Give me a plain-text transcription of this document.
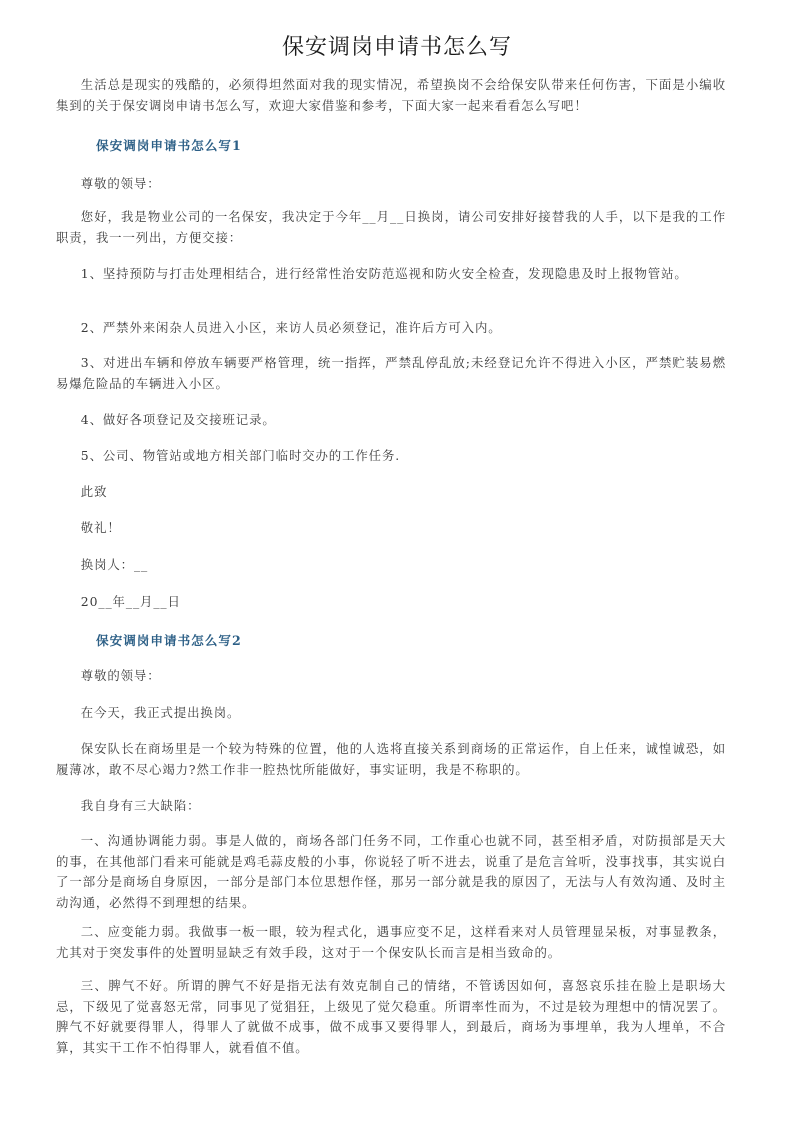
保安调岗申请书怎么写

生活总是现实的残酷的，必须得坦然面对我的现实情况，希望换岗不会给保安队带来任何伤害，下面是小编收集到的关于保安调岗申请书怎么写，欢迎大家借鉴和参考，下面大家一起来看看怎么写吧！

保安调岗申请书怎么写1

尊敬的领导：

您好，我是物业公司的一名保安，我决定于今年__月__日换岗，请公司安排好接替我的人手，以下是我的工作职责，我一一列出，方便交接：

1、坚持预防与打击处理相结合，进行经常性治安防范巡视和防火安全检查，发现隐患及时上报物管站。

2、严禁外来闲杂人员进入小区，来访人员必须登记，准许后方可入内。

3、对进出车辆和停放车辆要严格管理，统一指挥，严禁乱停乱放;未经登记允许不得进入小区，严禁贮装易燃易爆危险品的车辆进入小区。

4、做好各项登记及交接班记录。

5、公司、物管站或地方相关部门临时交办的工作任务.

此致

敬礼！

换岗人：__

20__年__月__日

保安调岗申请书怎么写2

尊敬的领导：

在今天，我正式提出换岗。

保安队长在商场里是一个较为特殊的位置，他的人选将直接关系到商场的正常运作，自上任来，诚惶诚恐，如履薄冰，敢不尽心竭力?然工作非一腔热忱所能做好，事实证明，我是不称职的。

我自身有三大缺陷：

一、沟通协调能力弱。事是人做的，商场各部门任务不同，工作重心也就不同，甚至相矛盾，对防损部是天大的事，在其他部门看来可能就是鸡毛蒜皮般的小事，你说轻了听不进去，说重了是危言耸听，没事找事，其实说白了一部分是商场自身原因，一部分是部门本位思想作怪，那另一部分就是我的原因了，无法与人有效沟通、及时主动沟通，必然得不到理想的结果。

二、应变能力弱。我做事一板一眼，较为程式化，遇事应变不足，这样看来对人员管理显呆板，对事显教条，尤其对于突发事件的处置明显缺乏有效手段，这对于一个保安队长而言是相当致命的。

三、脾气不好。所谓的脾气不好是指无法有效克制自己的情绪，不管诱因如何，喜怒哀乐挂在脸上是职场大忌，下级见了觉喜怒无常，同事见了觉猖狂，上级见了觉欠稳重。所谓率性而为，不过是较为理想中的情况罢了。脾气不好就要得罪人，得罪人了就做不成事，做不成事又要得罪人，到最后，商场为事埋单，我为人埋单，不合算，其实干工作不怕得罪人，就看值不值。
